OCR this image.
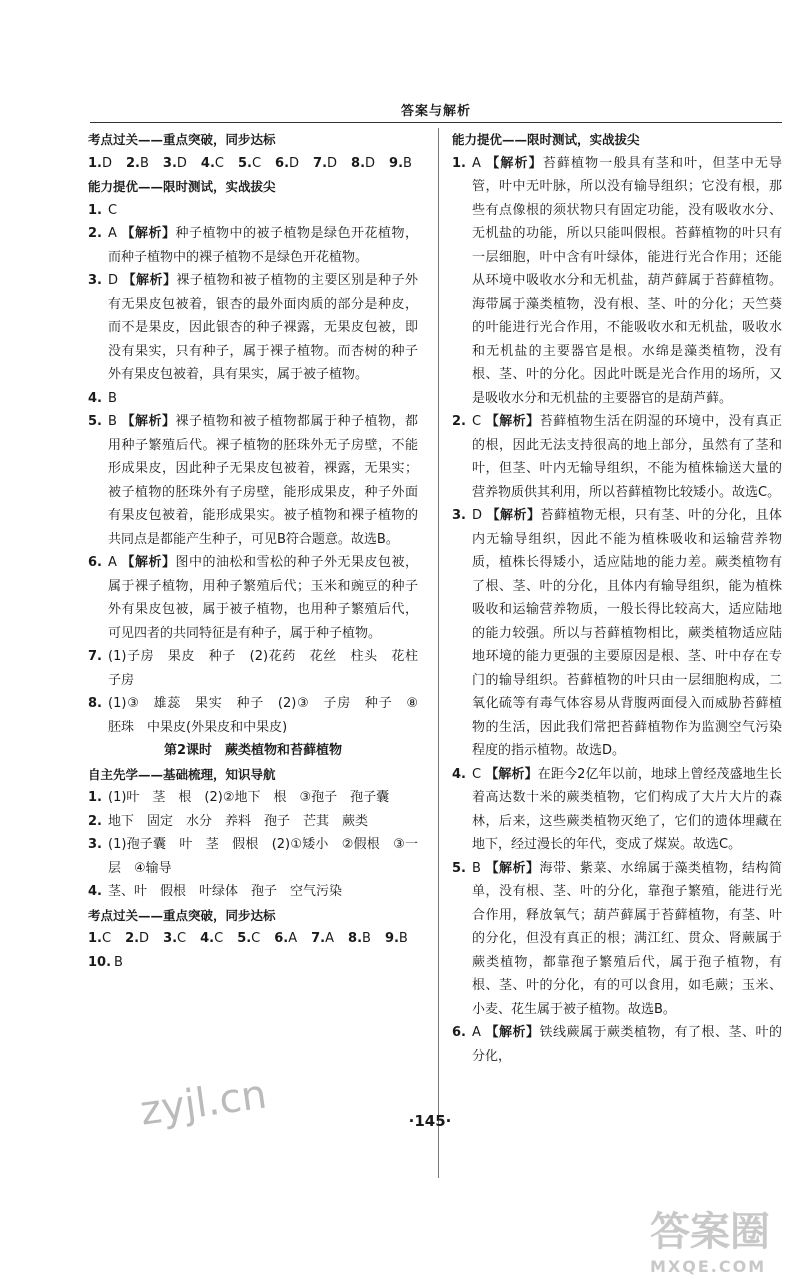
答案与解析
考点过关——重点突破，同步达标
1.D 2.B 3.D 4.C 5.C 6.D 7.D 8.D 9.B
能力提优——限时测试，实战拔尖
1. C
2. A 【解析】种子植物中的被子植物是绿色开花植物，而种子植物中的裸子植物不是绿色开花植物。
3. D 【解析】裸子植物和被子植物的主要区别是种子外有无果皮包被着，银杏的最外面肉质的部分是种皮，而不是果皮，因此银杏的种子裸露，无果皮包被，即没有果实，只有种子，属于裸子植物。而杏树的种子外有果皮包被着，具有果实，属于被子植物。
4. B
5. B 【解析】裸子植物和被子植物都属于种子植物，都用种子繁殖后代。裸子植物的胚珠外无子房壁，不能形成果皮，因此种子无果皮包被着，裸露，无果实；被子植物的胚珠外有子房壁，能形成果皮，种子外面有果皮包被着，能形成果实。被子植物和裸子植物的共同点是都能产生种子，可见B符合题意。故选B。
6. A 【解析】图中的油松和雪松的种子外无果皮包被，属于裸子植物，用种子繁殖后代；玉米和豌豆的种子外有果皮包被，属于被子植物，也用种子繁殖后代，可见四者的共同特征是有种子，属于种子植物。
7. (1)子房　果皮　种子　(2)花药　花丝　柱头　花柱　子房
8. (1)③　雄蕊　果实　种子　(2)③　子房　种子　⑧　胚珠　中果皮(外果皮和中果皮)
第2课时　蕨类植物和苔藓植物
自主先学——基础梳理，知识导航
1. (1)叶　茎　根　(2)②地下　根　③孢子　孢子囊
2. 地下　固定　水分　养料　孢子　芒萁　蕨类
3. (1)孢子囊　叶　茎　假根　(2)①矮小　②假根　③一层　④输导
4. 茎、叶　假根　叶绿体　孢子　空气污染
考点过关——重点突破，同步达标
1.C 2.D 3.C 4.C 5.C 6.A 7.A 8.B 9.B
10. B
能力提优——限时测试，实战拔尖
1. A 【解析】苔藓植物一般具有茎和叶，但茎中无导管，叶中无叶脉，所以没有输导组织；它没有根，那些有点像根的须状物只有固定功能，没有吸收水分、无机盐的功能，所以只能叫假根。苔藓植物的叶只有一层细胞，叶中含有叶绿体，能进行光合作用；还能从环境中吸收水分和无机盐，葫芦藓属于苔藓植物。海带属于藻类植物，没有根、茎、叶的分化；天竺葵的叶能进行光合作用，不能吸收水和无机盐，吸收水和无机盐的主要器官是根。水绵是藻类植物，没有根、茎、叶的分化。因此叶既是光合作用的场所，又是吸收水分和无机盐的主要器官的是葫芦藓。
2. C 【解析】苔藓植物生活在阴湿的环境中，没有真正的根，因此无法支持很高的地上部分，虽然有了茎和叶，但茎、叶内无输导组织，不能为植株输送大量的营养物质供其利用，所以苔藓植物比较矮小。故选C。
3. D 【解析】苔藓植物无根，只有茎、叶的分化，且体内无输导组织，因此不能为植株吸收和运输营养物质，植株长得矮小，适应陆地的能力差。蕨类植物有了根、茎、叶的分化，且体内有输导组织，能为植株吸收和运输营养物质，一般长得比较高大，适应陆地的能力较强。所以与苔藓植物相比，蕨类植物适应陆地环境的能力更强的主要原因是根、茎、叶中存在专门的输导组织。苔藓植物的叶只由一层细胞构成，二氧化硫等有毒气体容易从背腹两面侵入而威胁苔藓植物的生活，因此我们常把苔藓植物作为监测空气污染程度的指示植物。故选D。
4. C 【解析】在距今2亿年以前，地球上曾经茂盛地生长着高达数十米的蕨类植物，它们构成了大片大片的森林，后来，这些蕨类植物灭绝了，它们的遗体埋藏在地下，经过漫长的年代，变成了煤炭。故选C。
5. B 【解析】海带、紫菜、水绵属于藻类植物，结构简单，没有根、茎、叶的分化，靠孢子繁殖，能进行光合作用，释放氧气；葫芦藓属于苔藓植物，有茎、叶的分化，但没有真正的根；满江红、贯众、肾蕨属于蕨类植物，都靠孢子繁殖后代，属于孢子植物，有根、茎、叶的分化，有的可以食用，如毛蕨；玉米、小麦、花生属于被子植物。故选B。
6. A 【解析】铁线蕨属于蕨类植物，有了根、茎、叶的分化，
·145·
zyjl.cn
答案圈
MXQE.COM
